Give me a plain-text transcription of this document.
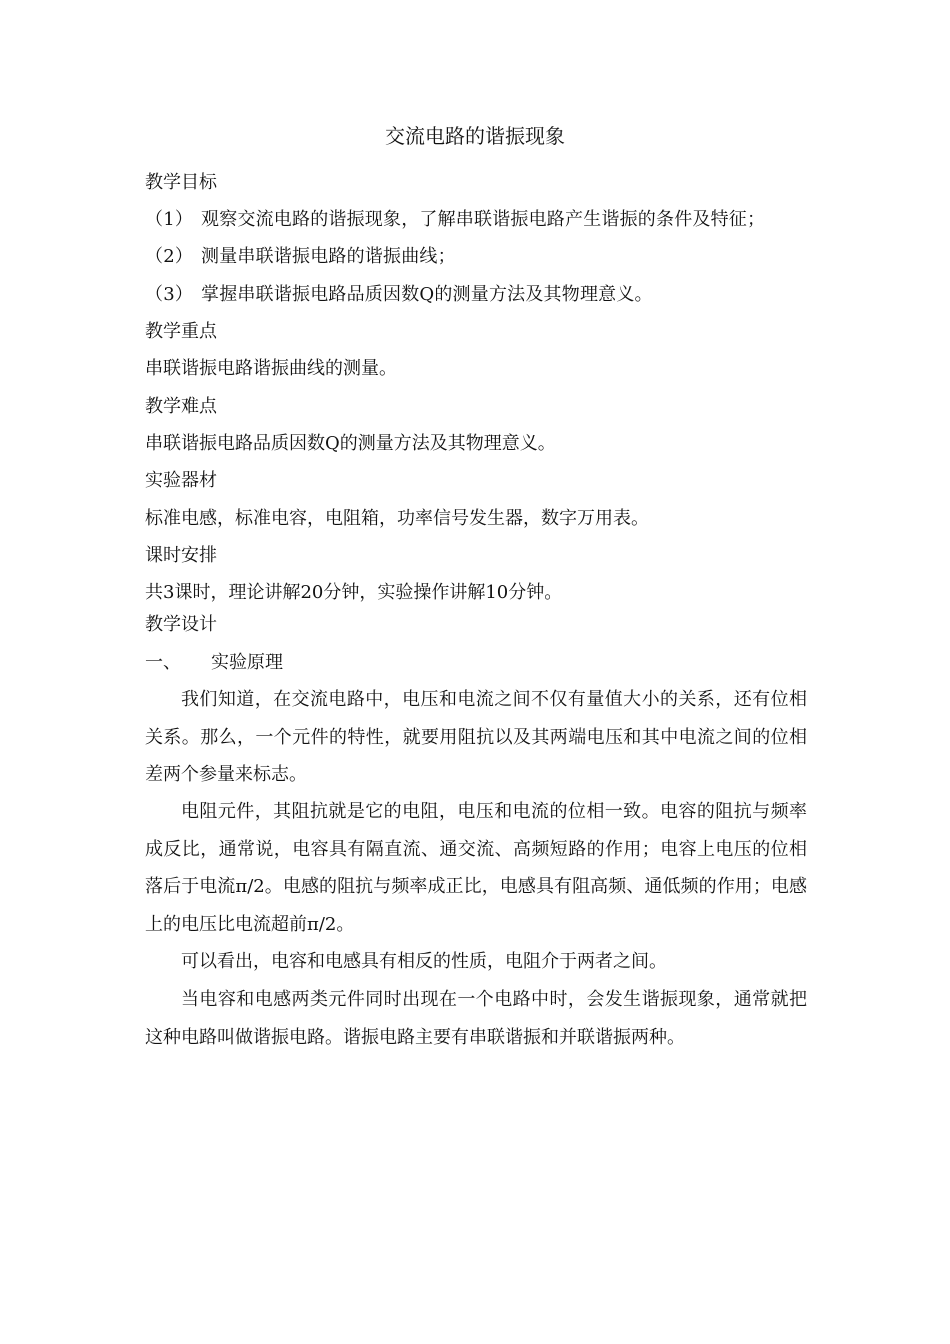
交流电路的谐振现象
教学目标
（1） 观察交流电路的谐振现象，了解串联谐振电路产生谐振的条件及特征；
（2） 测量串联谐振电路的谐振曲线；
（3） 掌握串联谐振电路品质因数Q的测量方法及其物理意义。
教学重点
串联谐振电路谐振曲线的测量。
教学难点
串联谐振电路品质因数Q的测量方法及其物理意义。
实验器材
标准电感，标准电容，电阻箱，功率信号发生器，数字万用表。
课时安排
共3课时，理论讲解20分钟，实验操作讲解10分钟。
教学设计
一、 实验原理

我们知道，在交流电路中，电压和电流之间不仅有量值大小的关系，还有位相关系。那么，一个元件的特性，就要用阻抗以及其两端电压和其中电流之间的位相差两个参量来标志。

电阻元件，其阻抗就是它的电阻，电压和电流的位相一致。电容的阻抗与频率成反比，通常说，电容具有隔直流、通交流、高频短路的作用；电容上电压的位相落后于电流π/2。电感的阻抗与频率成正比，电感具有阻高频、通低频的作用；电感上的电压比电流超前π/2。

可以看出，电容和电感具有相反的性质，电阻介于两者之间。

当电容和电感两类元件同时出现在一个电路中时，会发生谐振现象，通常就把这种电路叫做谐振电路。谐振电路主要有串联谐振和并联谐振两种。
